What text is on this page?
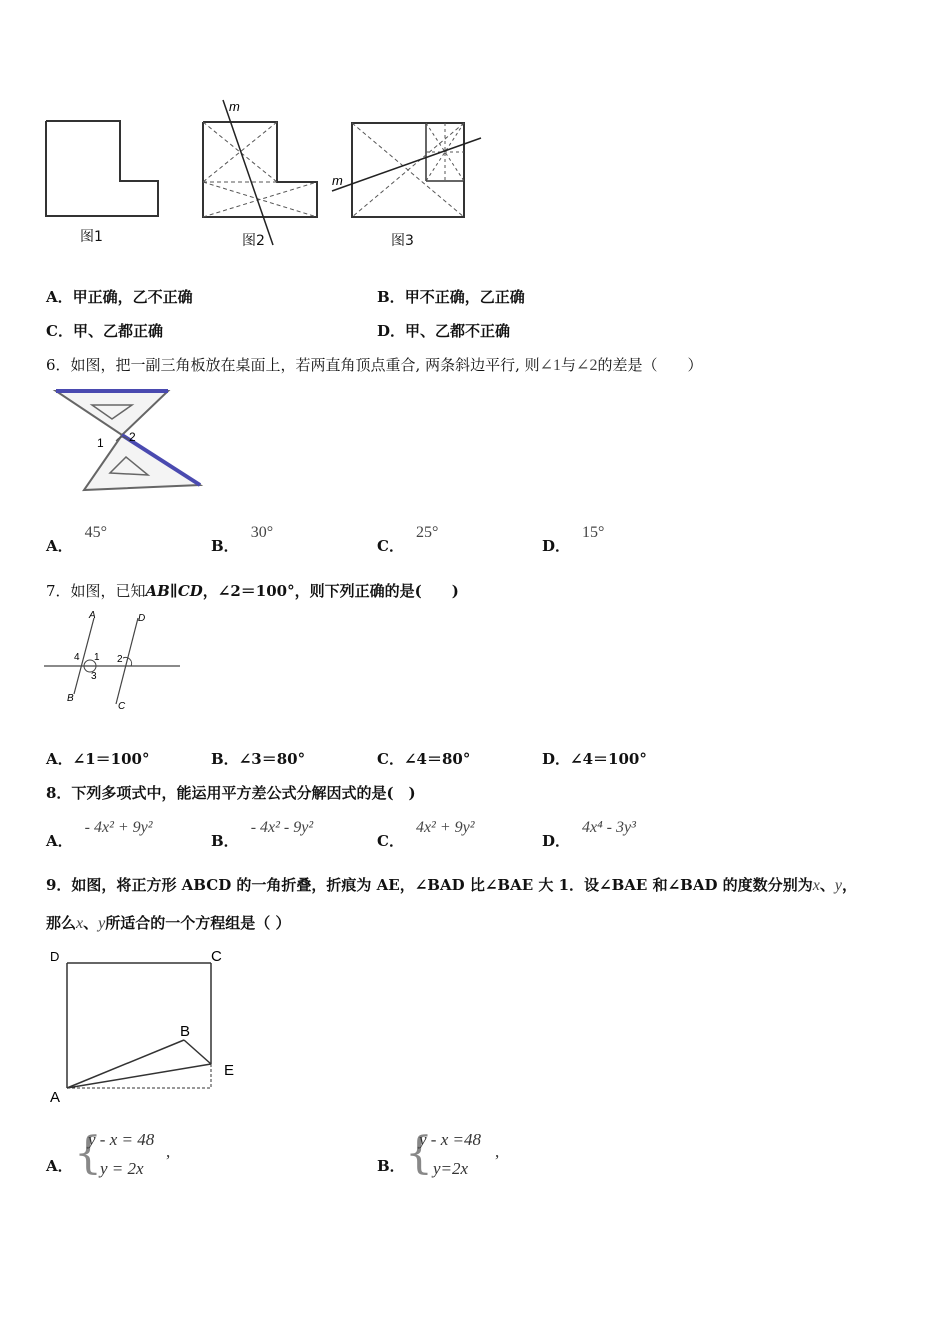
图1
m
图2
m
图3
A．甲正确，乙不正确	B．甲不正确，乙正确
C．甲、乙都正确	D．甲、乙都不正确
6．如图，把一副三角板放在桌面上，若两直角顶点重合, 两条斜边平行, 则∠1与∠2的差是（　　）
1 2
A．45°
B．30°
C．25°
D．15°
7．如图，已知AB∥CD，∠2＝100°，则下列正确的是(　　)
A	D
B
C
4 1
3
2
A．∠1＝100°	B．∠3＝80°	C．∠4＝80°	D．∠4＝100°
8．下列多项式中，能运用平方差公式分解因式的是(　)
A．- 4x² + 9y²
B．- 4x² - 9y²
C．4x² + 9y²
D．4x⁴ - 3y³
9．如图，将正方形 ABCD 的一角折叠，折痕为 AE，∠BAD 比∠BAE 大 1．设∠BAE 和∠BAD 的度数分别为x、y，
那么x、y所适合的一个方程组是（ ）
D	C
B
E
A
A． {
y - x = 48
y = 2x
,
B． {
y - x =48
y=2x
,
